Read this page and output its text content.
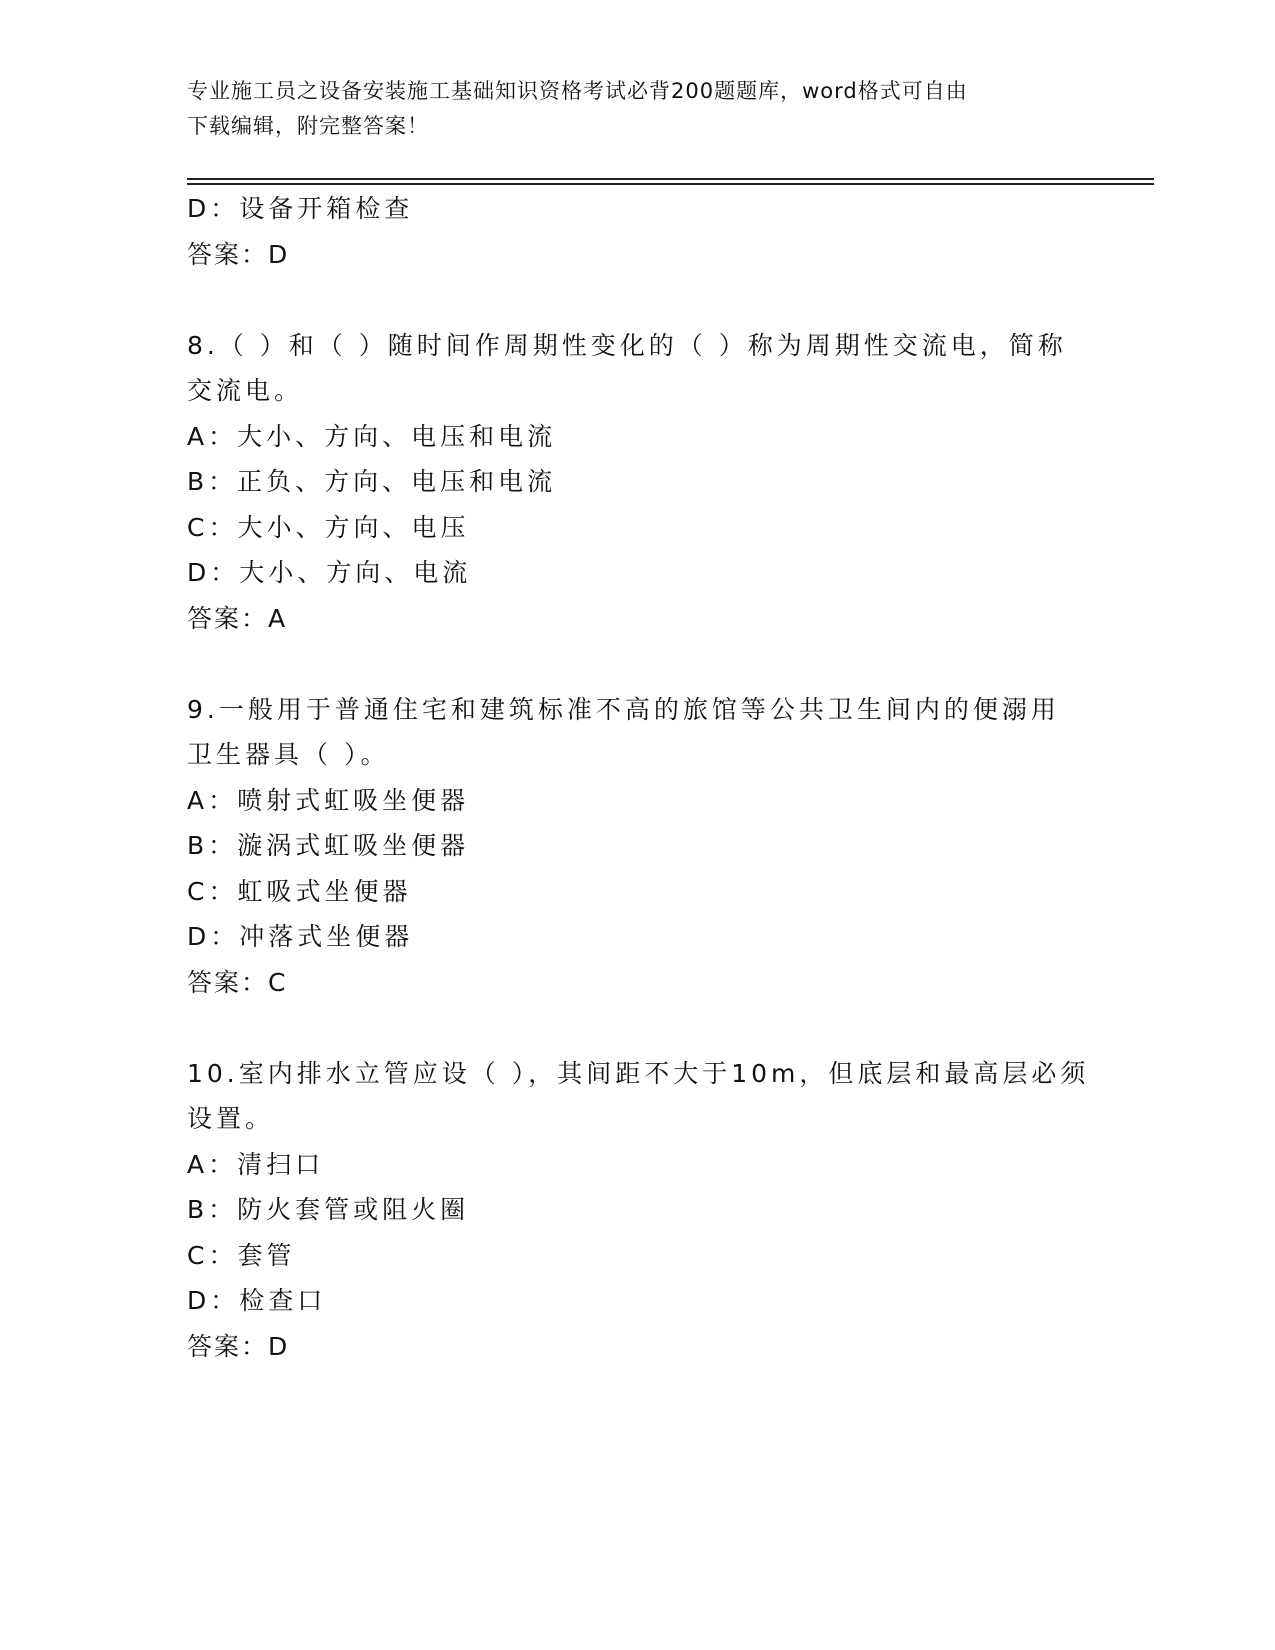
专业施工员之设备安装施工基础知识资格考试必背200题题库，word格式可自由
下载编辑，附完整答案！
D：设备开箱检查
答案：D
8.（ ）和（ ）随时间作周期性变化的（ ）称为周期性交流电，简称
交流电。
A：大小、方向、电压和电流
B：正负、方向、电压和电流
C：大小、方向、电压
D：大小、方向、电流
答案：A
9.一般用于普通住宅和建筑标准不高的旅馆等公共卫生间内的便溺用
卫生器具（ ）。
A：喷射式虹吸坐便器
B：漩涡式虹吸坐便器
C：虹吸式坐便器
D：冲落式坐便器
答案：C
10.室内排水立管应设（ ），其间距不大于10m，但底层和最高层必须
设置。
A：清扫口
B：防火套管或阻火圈
C：套管
D：检查口
答案：D
